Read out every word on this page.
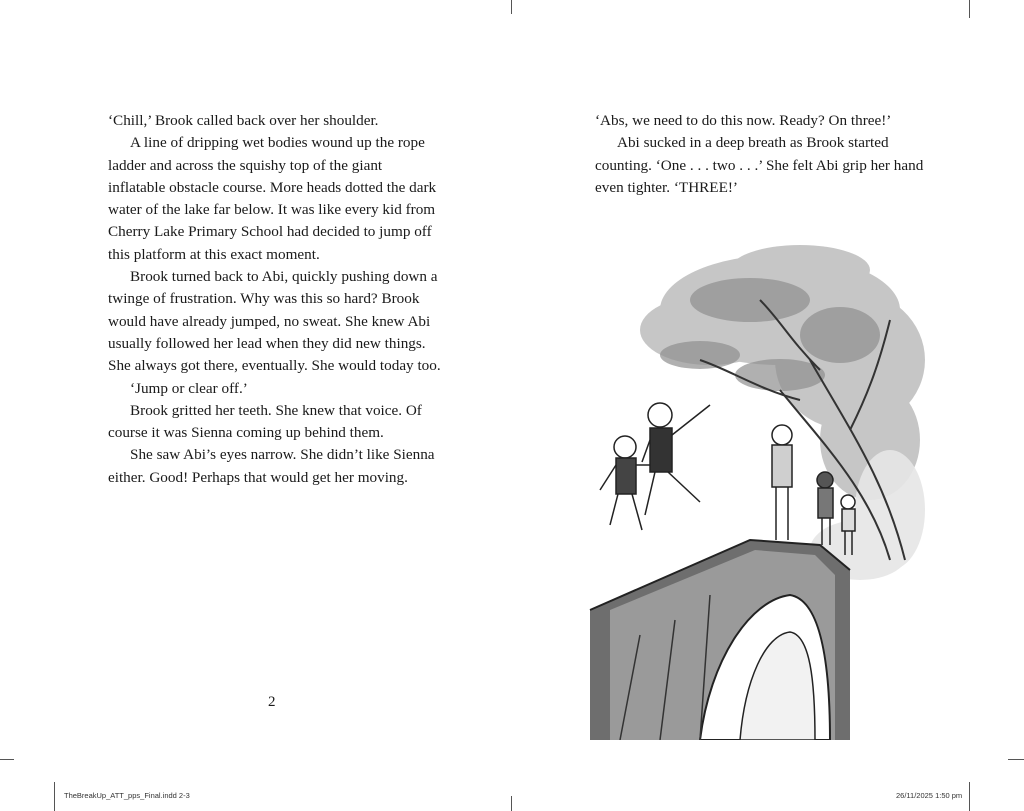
‘Chill,’ Brook called back over her shoulder.

A line of dripping wet bodies wound up the rope ladder and across the squishy top of the giant inflatable obstacle course. More heads dotted the dark water of the lake far below. It was like every kid from Cherry Lake Primary School had decided to jump off this platform at this exact moment.

Brook turned back to Abi, quickly pushing down a twinge of frustration. Why was this so hard? Brook would have already jumped, no sweat. She knew Abi usually followed her lead when they did new things. She always got there, eventually. She would today too.

‘Jump or clear off.’

Brook gritted her teeth. She knew that voice. Of course it was Sienna coming up behind them.

She saw Abi’s eyes narrow. She didn’t like Sienna either. Good! Perhaps that would get her moving.

2

‘Abs, we need to do this now. Ready? On three!’

Abi sucked in a deep breath as Brook started counting. ‘One . . . two . . .’ She felt Abi grip her hand even tighter. ‘THREE!’

TheBreakUp_ATT_pps_Final.indd 2-3	26/11/2025 1:50 pm
